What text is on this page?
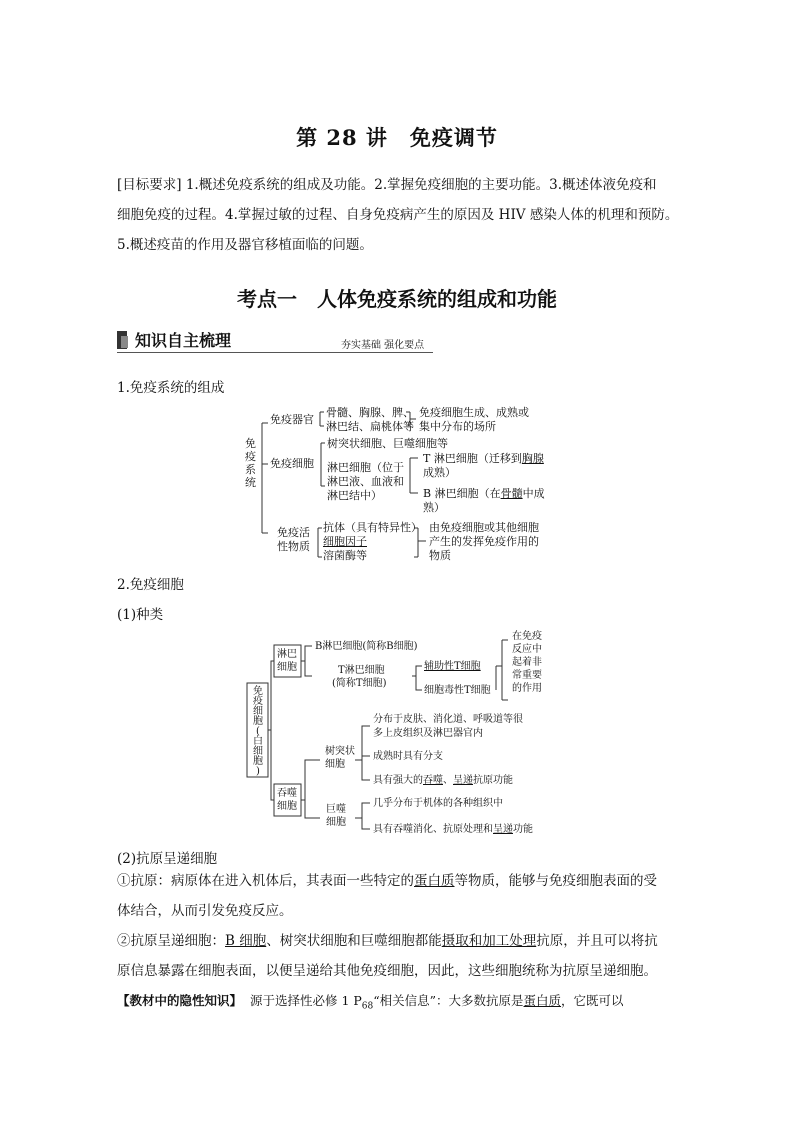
第 28 讲　免疫调节
[目标要求] 1.概述免疫系统的组成及功能。2.掌握免疫细胞的主要功能。3.概述体液免疫和
细胞免疫的过程。4.掌握过敏的过程、自身免疫病产生的原因及 HIV 感染人体的机理和预防。
5.概述疫苗的作用及器官移植面临的问题。
考点一　人体免疫系统的组成和功能
知识自主梳理	夯实基础 强化要点
1.免疫系统的组成
免
疫
系
统
免疫器官
骨髓、胸腺、脾、
淋巴结、扁桃体等
免疫细胞生成、成熟或
集中分布的场所
免疫细胞
树突状细胞、巨噬细胞等
淋巴细胞（位于
淋巴液、血液和
淋巴结中）
T 淋巴细胞（迁移到胸腺
成熟）
B 淋巴细胞（在骨髓中成
熟）
免疫活
性物质
抗体（具有特异性）
细胞因子
溶菌酶等
由免疫细胞或其他细胞
产生的发挥免疫作用的
物质
2.免疫细胞
(1)种类
免
疫
细
胞
(
白
细
胞
)
淋巴
细胞
吞噬
细胞
B淋巴细胞(简称B细胞)
T淋巴细胞
(简称T细胞)
辅助性T细胞
细胞毒性T细胞
在免疫
反应中
起着非
常重要
的作用
树突状
细胞
分布于皮肤、消化道、呼吸道等很
多上皮组织及淋巴器官内
成熟时具有分支
具有强大的吞噬、呈递抗原功能
巨噬
细胞
几乎分布于机体的各种组织中
具有吞噬消化、抗原处理和呈递功能
(2)抗原呈递细胞
①抗原：病原体在进入机体后，其表面一些特定的蛋白质等物质，能够与免疫细胞表面的受
体结合，从而引发免疫反应。
②抗原呈递细胞：B 细胞、树突状细胞和巨噬细胞都能摄取和加工处理抗原，并且可以将抗
原信息暴露在细胞表面，以便呈递给其他免疫细胞，因此，这些细胞统称为抗原呈递细胞。
【教材中的隐性知识】 源于选择性必修 1 $P_{68}“$相关信息”：大多数抗原是蛋白质，它既可以
